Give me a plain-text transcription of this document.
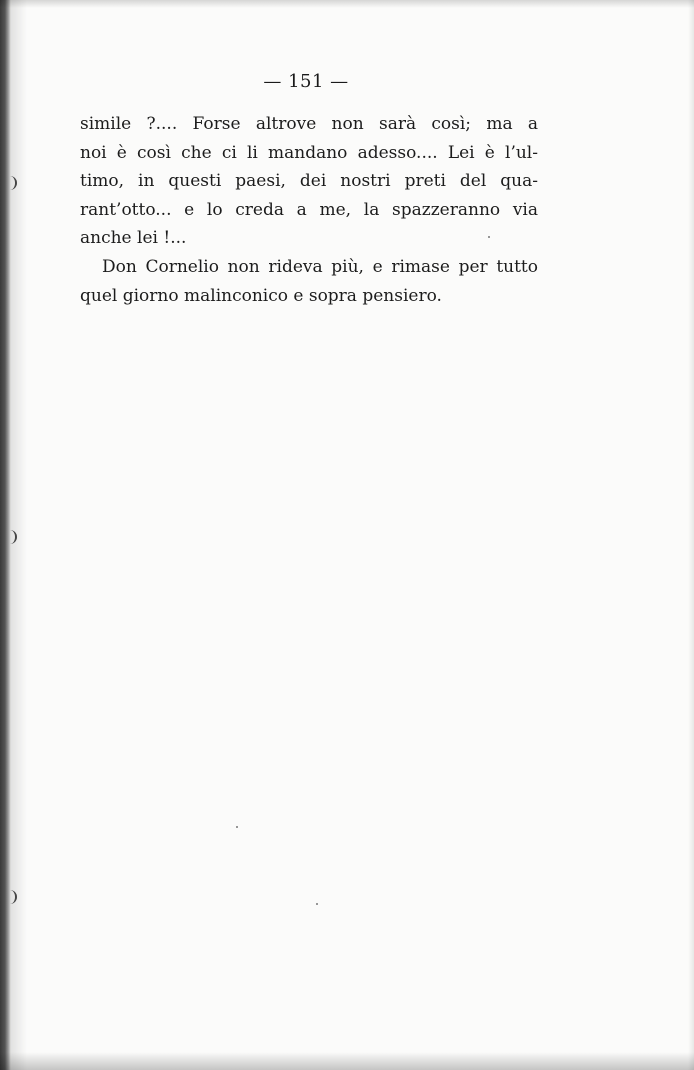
— 151 —
simile ?.... Forse altrove non sarà così; ma a
noi è così che ci li mandano adesso.... Lei è l’ul-
timo, in questi paesi, dei nostri preti del qua-
rant’otto... e lo creda a me, la spazzeranno via
anche lei !...
Don Cornelio non rideva più, e rimase per tutto
quel giorno malinconico e sopra pensiero.
